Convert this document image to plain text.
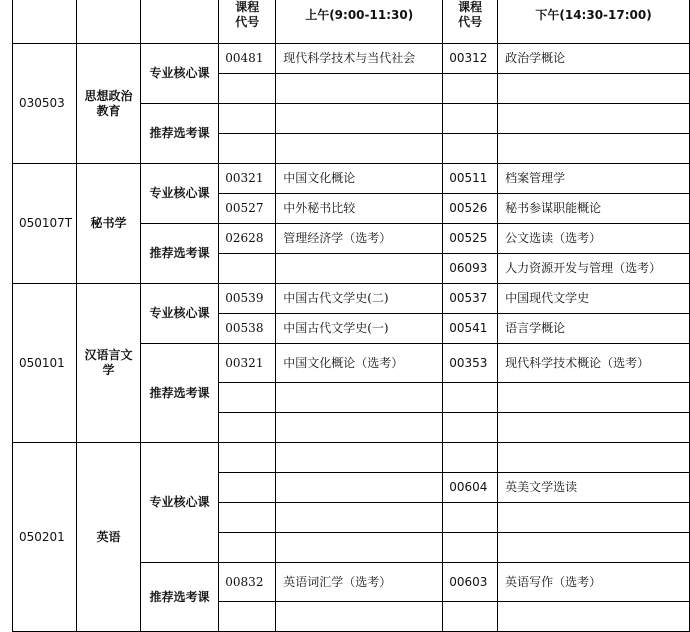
			课程代号	上午(9:00-11:30)	课程代号	下午(14:30-17:00)
030503	思想政治教育	专业核心课	00481	现代科学技术与当代社会	00312	政治学概论

		推荐选考课				

050107T	秘书学	专业核心课	00321	中国文化概论	00511	档案管理学
			00527	中外秘书比较	00526	秘书参谋职能概论
		推荐选考课	02628	管理经济学（选考）	00525	公文选读（选考）
					06093	人力资源开发与管理（选考）
050101	汉语言文学	专业核心课	00539	中国古代文学史(二)	00537	中国现代文学史
			00538	中国古代文学史(一)	00541	语言学概论
		推荐选考课	00321	中国文化概论（选考）	00353	现代科学技术概论（选考）

050201	英语	专业核心课				
					00604	英美文学选读

		推荐选考课	00832	英语词汇学（选考）	00603	英语写作（选考）
